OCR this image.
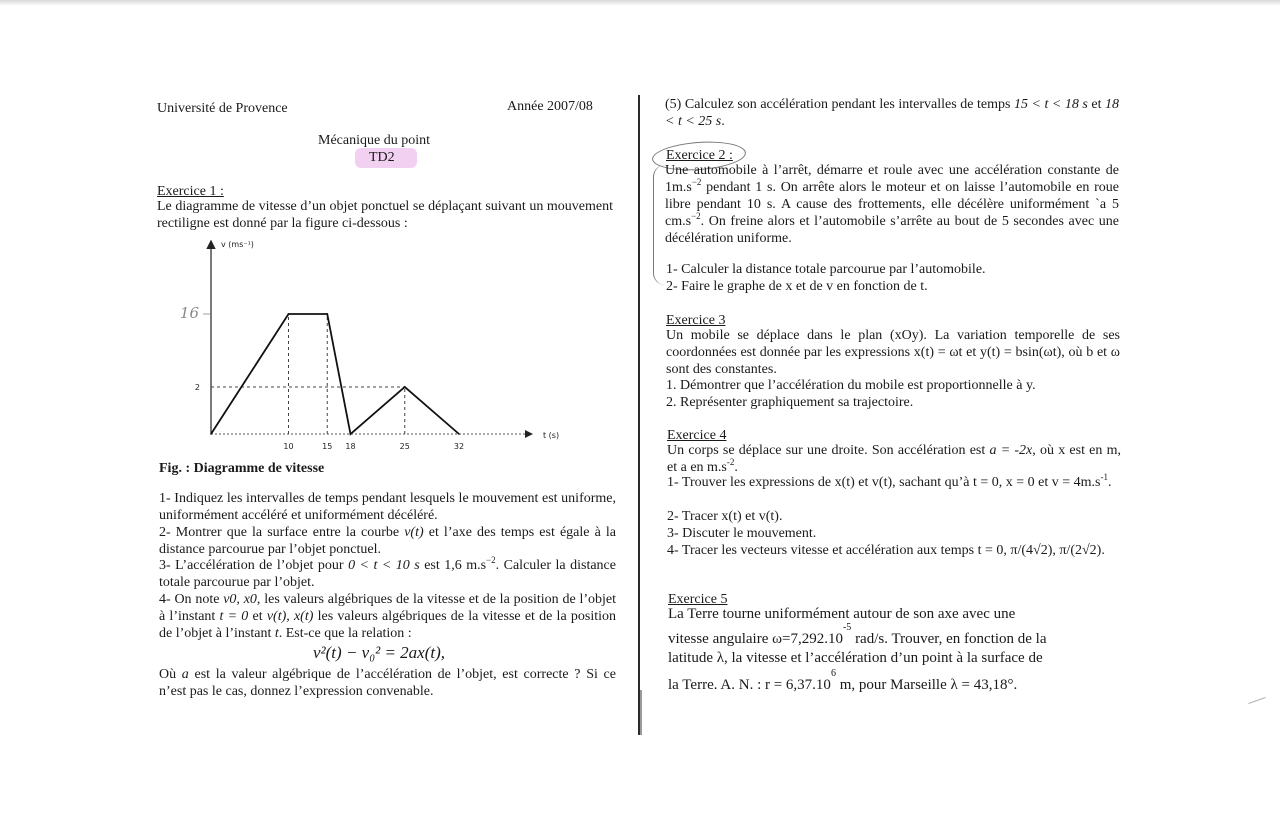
Université de Provence	Année 2007/08
Mécanique du point
TD2
Exercice 1 :
Le diagramme de vitesse d’un objet ponctuel se déplaçant suivant un mouvement rectiligne est donné par la figure ci-dessous :
v (ms⁻¹)
t (s)
10	15 18	25	32
2
16
Fig. : Diagramme de vitesse
1- Indiquez les intervalles de temps pendant lesquels le mouvement est uniforme, uniformément accéléré et uniformément décéléré.
2- Montrer que la surface entre la courbe v(t) et l’axe des temps est égale à la distance parcourue par l’objet ponctuel.
3- L’accélération de l’objet pour 0 < t < 10 s est 1,6 $m.s^{-2}$. Calculer la distance totale parcourue par l’objet.
4- On note v0, x0, les valeurs algébriques de la vitesse et de la position de l’objet à l’instant t = 0 et v(t), x(t) les valeurs algébriques de la vitesse et de la position de l’objet à l’instant t. Est-ce que la relation :
v²(t) − v₀² = 2ax(t),
Où a est la valeur algébrique de l’accélération de l’objet, est correcte ? Si ce n’est pas le cas, donnez l’expression convenable.
(5) Calculez son accélération pendant les intervalles de temps 15 < t < 18 s et 18 < t < 25 s.
Exercice 2 :
Une automobile à l’arrêt, démarre et roule avec une accélération constante de $1m.s^{-2}$ pendant 1 s. On arrête alors le moteur et on laisse l’automobile en roue libre pendant 10 s. A cause des frottements, elle décélère uniformément `a 5 $cm.s^{-2}$. On freine alors et l’automobile s’arrête au bout de 5 secondes avec une décélération uniforme.
1- Calculer la distance totale parcourue par l’automobile.
2- Faire le graphe de x et de v en fonction de t.
Exercice 3
Un mobile se déplace dans le plan (xOy). La variation temporelle de ses coordonnées est donnée par les expressions x(t) = ωt et y(t) = bsin(ωt), où b et ω sont des constantes.
1. Démontrer que l’accélération du mobile est proportionnelle à y.
2. Représenter graphiquement sa trajectoire.
Exercice 4
Un corps se déplace sur une droite. Son accélération est a = -2x, où x est en m, et a en $m.s^{-2}$.
1- Trouver les expressions de x(t) et v(t), sachant qu’à t = 0, x = 0 et $v = 4m.s^{-1}$.
2- Tracer x(t) et v(t).
3- Discuter le mouvement.
4- Tracer les vecteurs vitesse et accélération aux temps t = 0, π/(4√2), π/(2√2).
Exercice 5
La Terre tourne uniformément autour de son axe avec une
vitesse angulaire $\omega=7,292.10^{-5}$ rad/s. Trouver, en fonction de la
latitude λ, la vitesse et l’accélération d’un point à la surface de
la Terre. A. N. : $r = 6,37.10^6$ m, pour Marseille λ = 43,18°.
